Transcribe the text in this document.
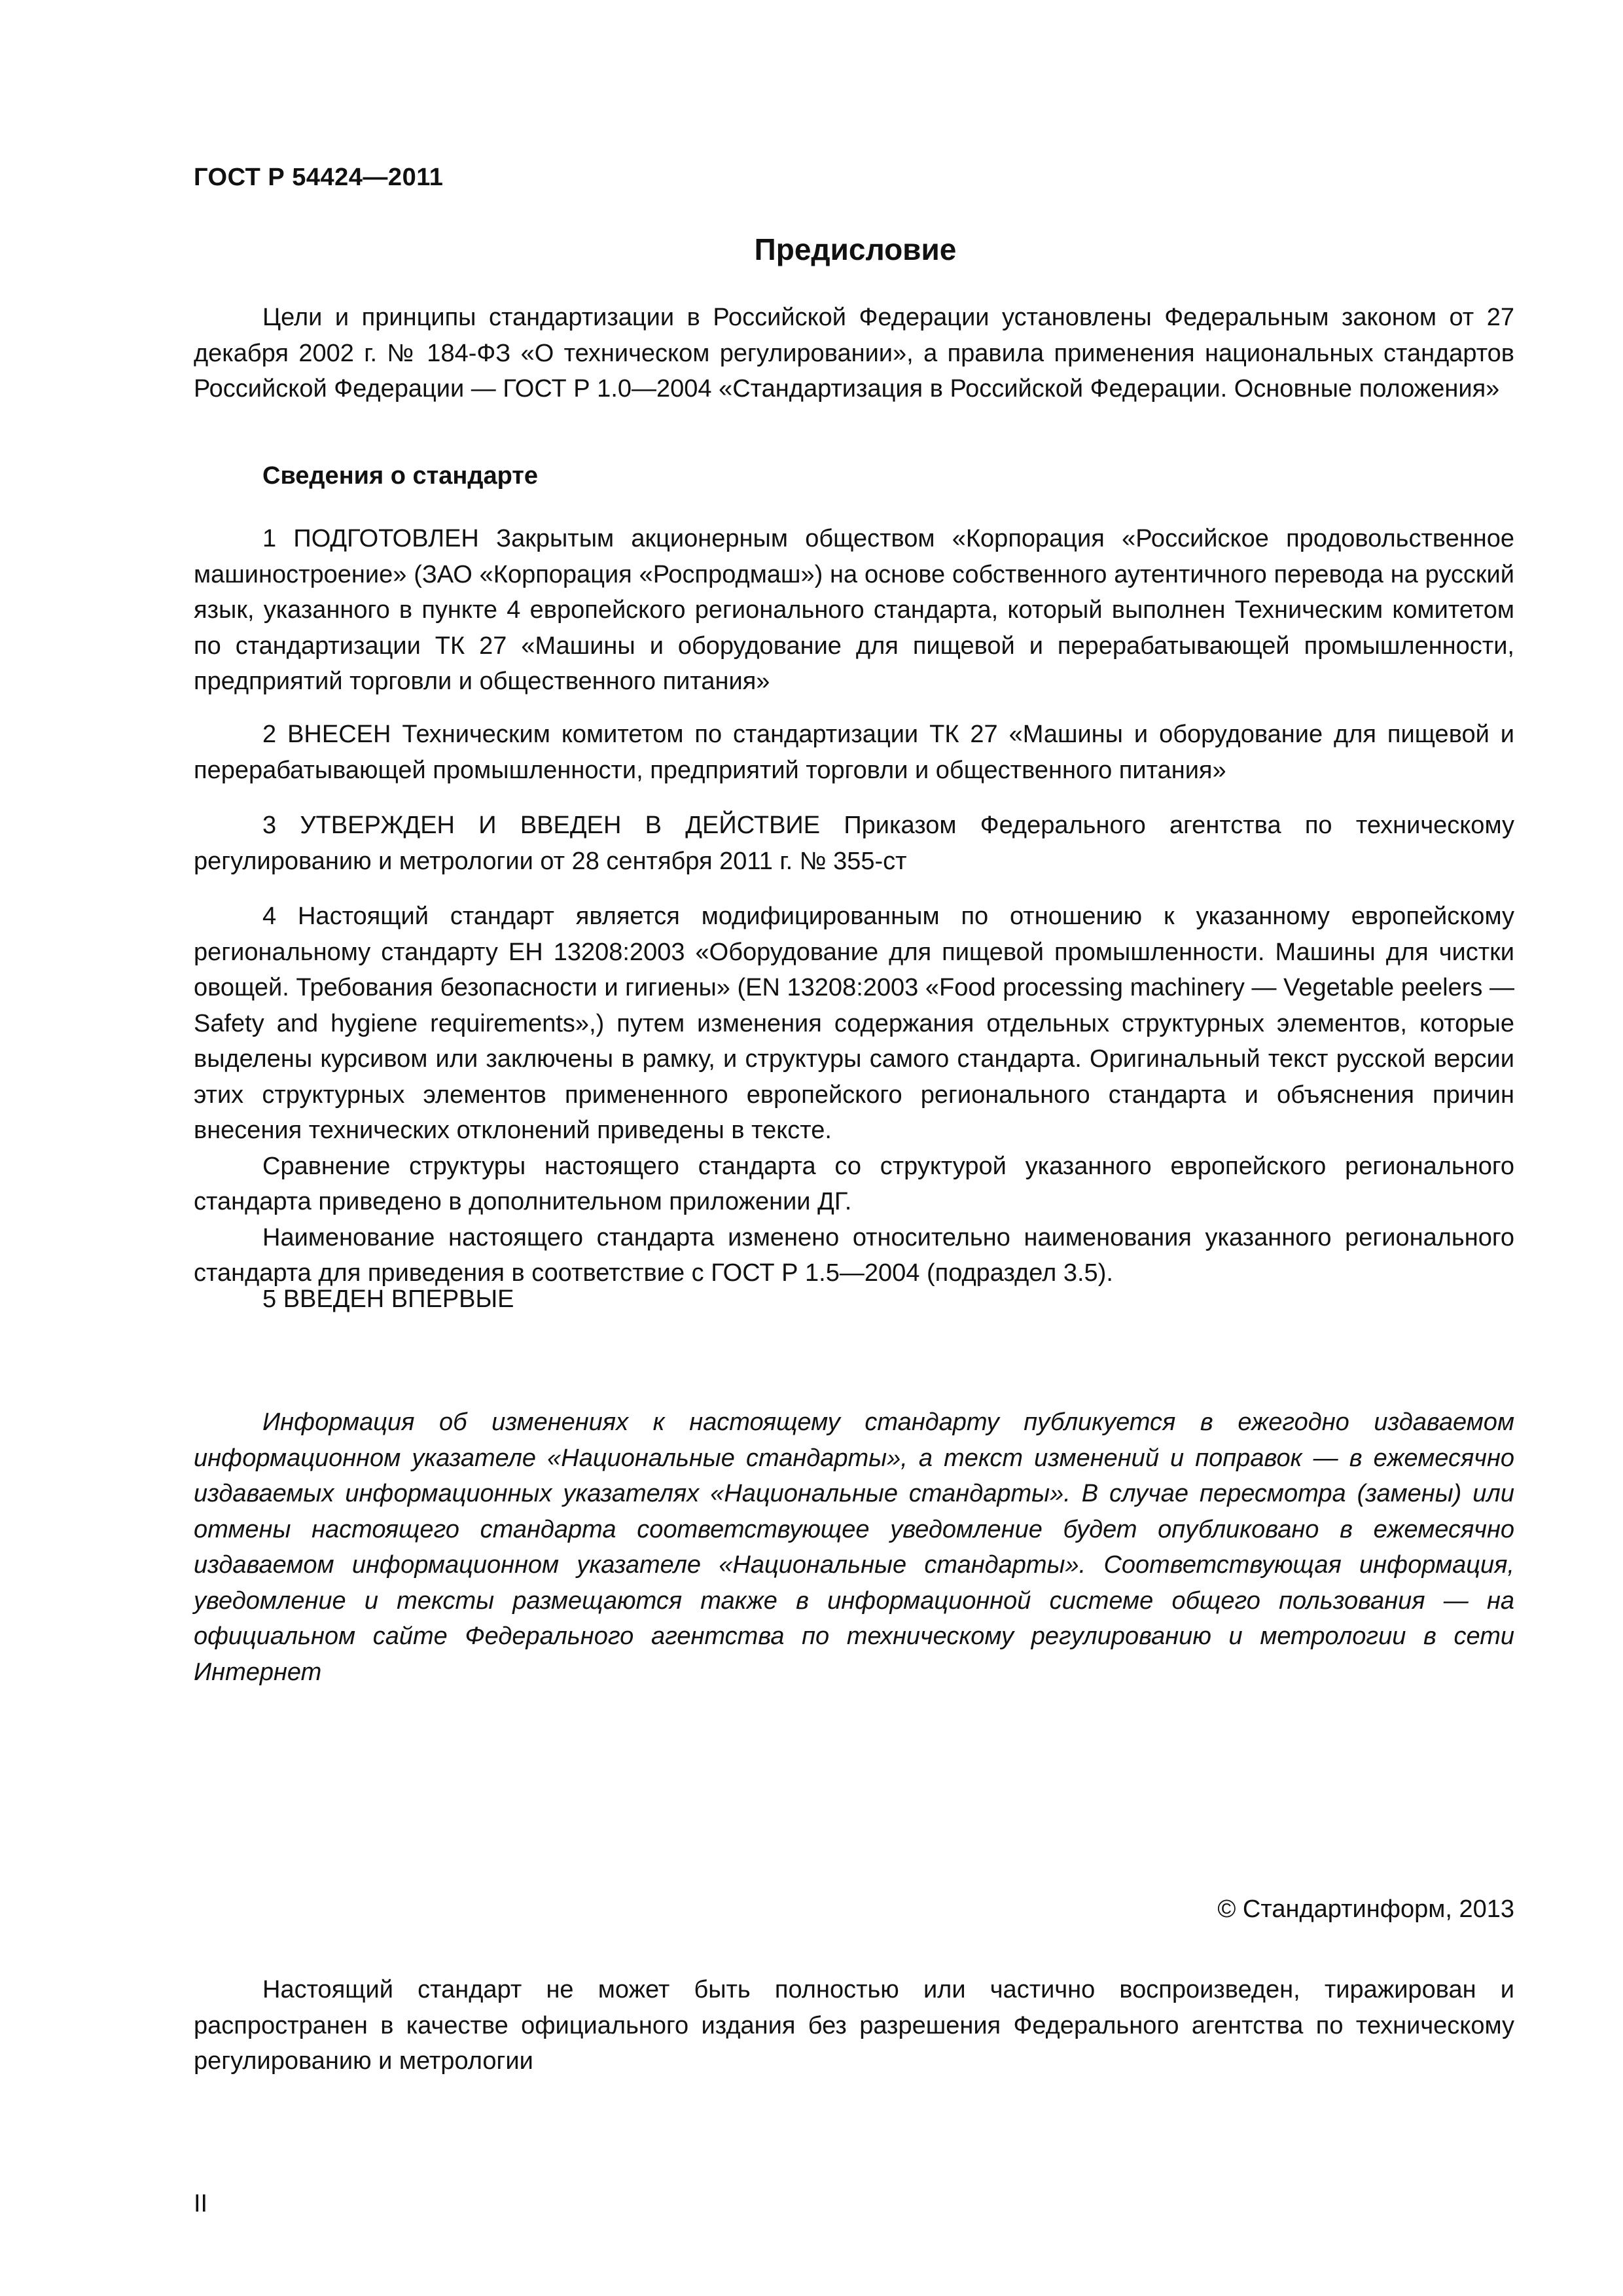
ГОСТ Р 54424—2011
Предисловие

Цели и принципы стандартизации в Российской Федерации установлены Федеральным законом от 27 декабря 2002 г. № 184-ФЗ «О техническом регулировании», а правила применения национальных стандартов Российской Федерации — ГОСТ Р 1.0—2004 «Стандартизация в Российской Федерации. Основные положения»

Сведения о стандарте

1 ПОДГОТОВЛЕН Закрытым акционерным обществом «Корпорация «Российское продовольственное машиностроение» (ЗАО «Корпорация «Роспродмаш») на основе собственного аутентичного перевода на русский язык, указанного в пункте 4 европейского регионального стандарта, который выполнен Техническим комитетом по стандартизации ТК 27 «Машины и оборудование для пищевой и перерабатывающей промышленности, предприятий торговли и общественного питания»

2 ВНЕСЕН Техническим комитетом по стандартизации ТК 27 «Машины и оборудование для пищевой и перерабатывающей промышленности, предприятий торговли и общественного питания»

3 УТВЕРЖДЕН И ВВЕДЕН В ДЕЙСТВИЕ Приказом Федерального агентства по техническому регулированию и метрологии от 28 сентября 2011 г. № 355-ст

4 Настоящий стандарт является модифицированным по отношению к указанному европейскому региональному стандарту ЕН 13208:2003 «Оборудование для пищевой промышленности. Машины для чистки овощей. Требования безопасности и гигиены» (EN 13208:2003 «Food processing machinery — Vegetable peelers — Safety and hygiene requirements»,) путем изменения содержания отдельных структурных элементов, которые выделены курсивом или заключены в рамку, и структуры самого стандарта. Оригинальный текст русской версии этих структурных элементов примененного европейского регионального стандарта и объяснения причин внесения технических отклонений приведены в тексте.

Сравнение структуры настоящего стандарта со структурой указанного европейского регионального стандарта приведено в дополнительном приложении ДГ.

Наименование настоящего стандарта изменено относительно наименования указанного регионального стандарта для приведения в соответствие с ГОСТ Р 1.5—2004 (подраздел 3.5).

5 ВВЕДЕН ВПЕРВЫЕ

Информация об изменениях к настоящему стандарту публикуется в ежегодно издаваемом информационном указателе «Национальные стандарты», а текст изменений и поправок — в ежемесячно издаваемых информационных указателях «Национальные стандарты». В случае пересмотра (замены) или отмены настоящего стандарта соответствующее уведомление будет опубликовано в ежемесячно издаваемом информационном указателе «Национальные стандарты». Соответствующая информация, уведомление и тексты размещаются также в информационной системе общего пользования — на официальном сайте Федерального агентства по техническому регулированию и метрологии в сети Интернет

© Стандартинформ, 2013

Настоящий стандарт не может быть полностью или частично воспроизведен, тиражирован и распространен в качестве официального издания без разрешения Федерального агентства по техническому регулированию и метрологии

II
